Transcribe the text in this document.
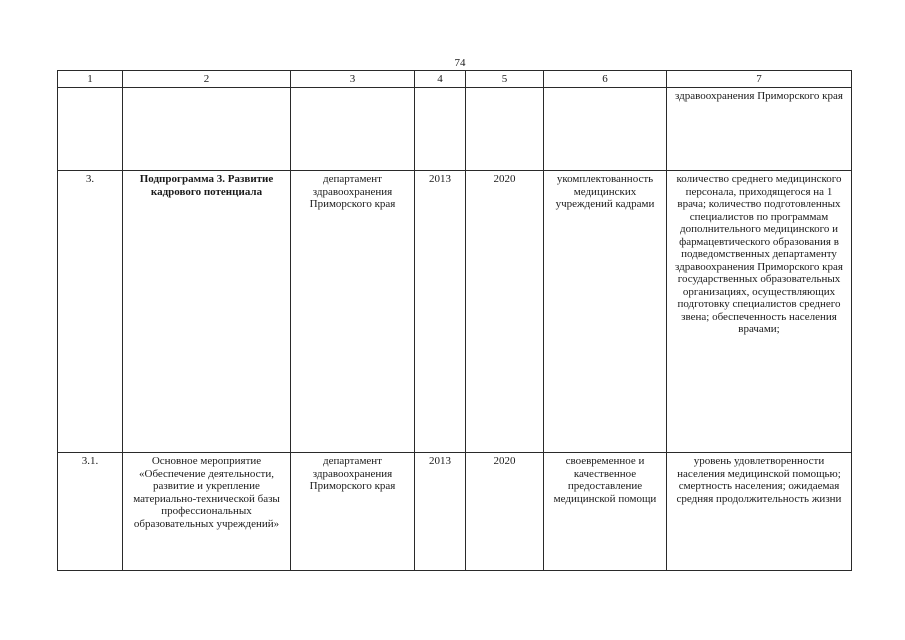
74
1	2	3	4	5	6	7
						здравоохранения Приморского края
3.	Подпрограмма 3. Развитие кадрового потенциала	департамент здравоохранения Приморского края	2013	2020	укомплектованность медицинских учреждений кадрами	количество среднего медицинского персонала, приходящегося на 1 врача; количество подготовленных специалистов по программам дополнительного медицинского и фармацевтического образования в подведомственных департаменту здравоохранения Приморского края государственных образовательных организациях, осуществляющих подготовку специалистов среднего звена; обеспеченность населения врачами;
3.1.	Основное мероприятие «Обеспечение деятельности, развитие и укрепление материально-технической базы профессиональных образовательных учреждений»	департамент здравоохранения Приморского края	2013	2020	своевременное и качественное предоставление медицинской помощи	уровень удовлетворенности населения медицинской помощью; смертность населения; ожидаемая средняя продолжительность жизни
